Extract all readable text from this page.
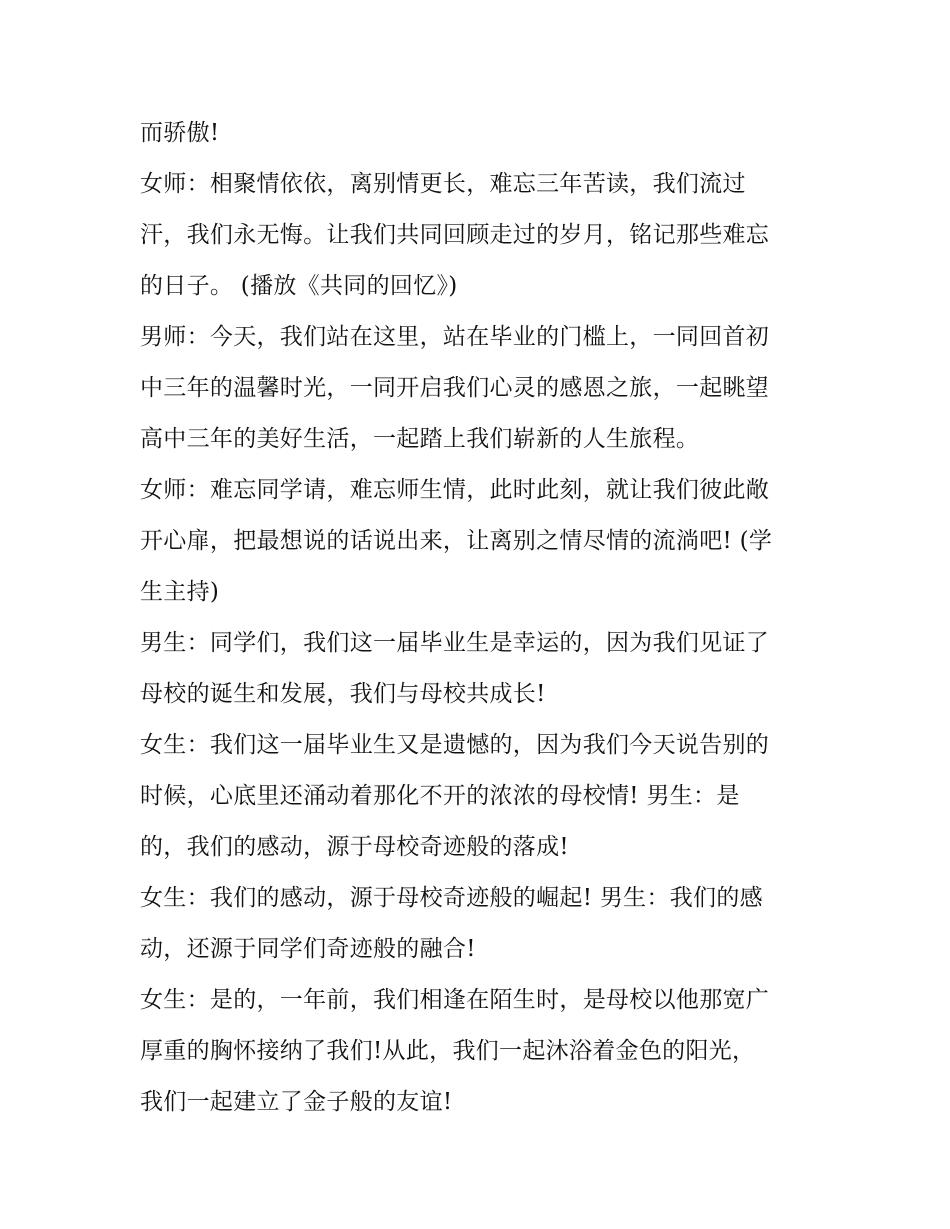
而骄傲!
女师：相聚情依依，离别情更长，难忘三年苦读，我们流过
汗，我们永无悔。让我们共同回顾走过的岁月，铭记那些难忘
的日子。 (播放《共同的回忆》)
男师：今天，我们站在这里，站在毕业的门槛上，一同回首初
中三年的温馨时光，一同开启我们心灵的感恩之旅，一起眺望
高中三年的美好生活，一起踏上我们崭新的人生旅程。
女师：难忘同学请，难忘师生情，此时此刻，就让我们彼此敞
开心扉，把最想说的话说出来，让离别之情尽情的流淌吧! (学
生主持)
男生：同学们，我们这一届毕业生是幸运的，因为我们见证了
母校的诞生和发展，我们与母校共成长!
女生：我们这一届毕业生又是遗憾的，因为我们今天说告别的
时候，心底里还涌动着那化不开的浓浓的母校情! 男生：是
的，我们的感动，源于母校奇迹般的落成!
女生：我们的感动，源于母校奇迹般的崛起! 男生：我们的感
动，还源于同学们奇迹般的融合!
女生：是的，一年前，我们相逢在陌生时，是母校以他那宽广
厚重的胸怀接纳了我们!从此，我们一起沐浴着金色的阳光，
我们一起建立了金子般的友谊!
